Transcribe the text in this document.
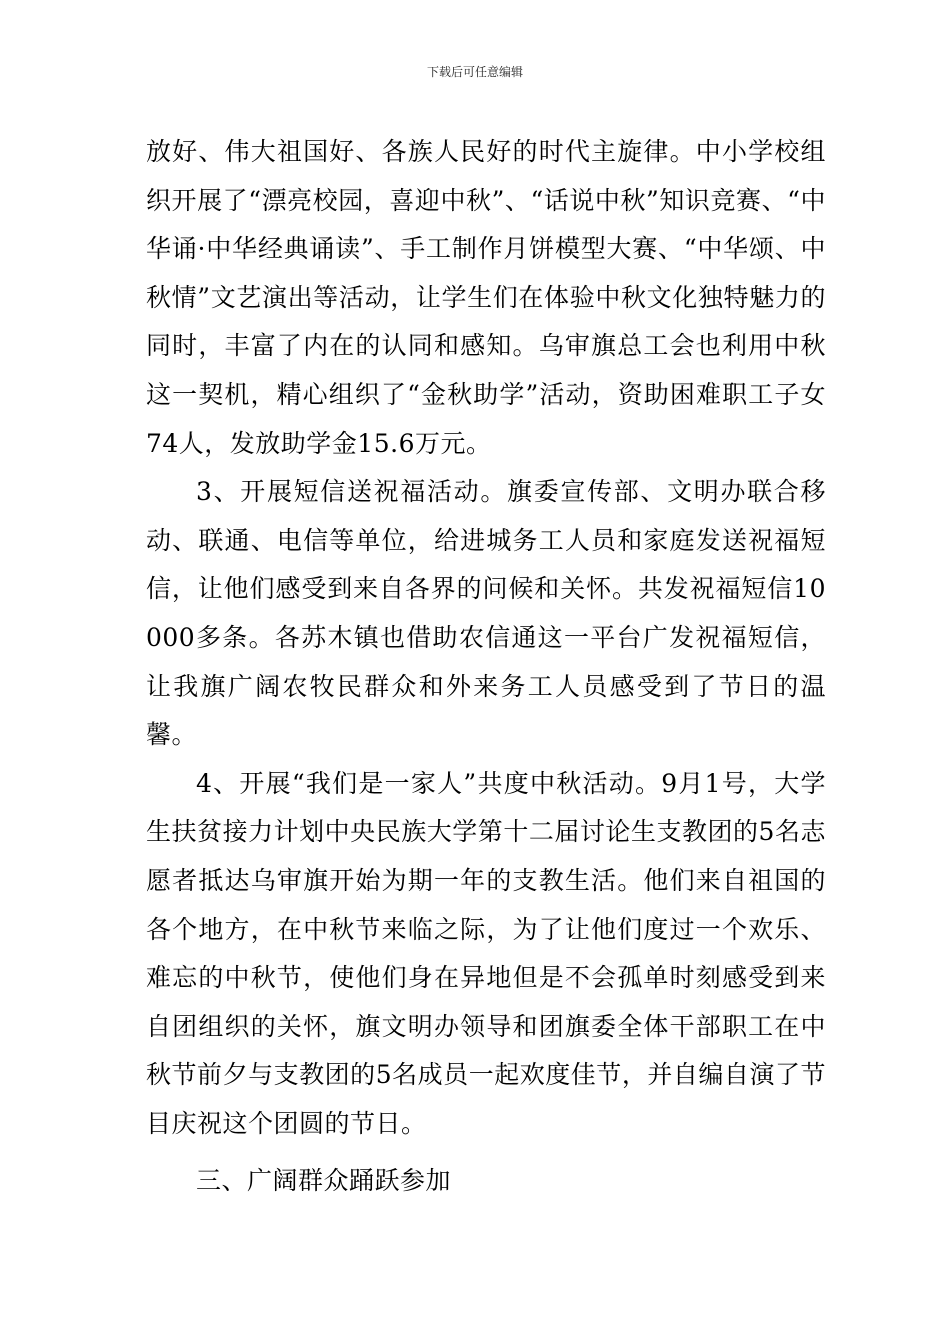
下载后可任意编辑

放好、伟大祖国好、各族人民好的时代主旋律。中小学校组织开展了“漂亮校园，喜迎中秋”、“话说中秋”知识竞赛、“中华诵·中华经典诵读”、手工制作月饼模型大赛、“中华颂、中秋情”文艺演出等活动，让学生们在体验中秋文化独特魅力的同时，丰富了内在的认同和感知。乌审旗总工会也利用中秋这一契机，精心组织了“金秋助学”活动，资助困难职工子女74人，发放助学金15.6万元。

3、开展短信送祝福活动。旗委宣传部、文明办联合移动、联通、电信等单位，给进城务工人员和家庭发送祝福短信，让他们感受到来自各界的问候和关怀。共发祝福短信10000多条。各苏木镇也借助农信通这一平台广发祝福短信，让我旗广阔农牧民群众和外来务工人员感受到了节日的温馨。

4、开展“我们是一家人”共度中秋活动。9月1号，大学生扶贫接力计划中央民族大学第十二届讨论生支教团的5名志愿者抵达乌审旗开始为期一年的支教生活。他们来自祖国的各个地方，在中秋节来临之际，为了让他们度过一个欢乐、难忘的中秋节，使他们身在异地但是不会孤单时刻感受到来自团组织的关怀，旗文明办领导和团旗委全体干部职工在中秋节前夕与支教团的5名成员一起欢度佳节，并自编自演了节目庆祝这个团圆的节日。

三、广阔群众踊跃参加
